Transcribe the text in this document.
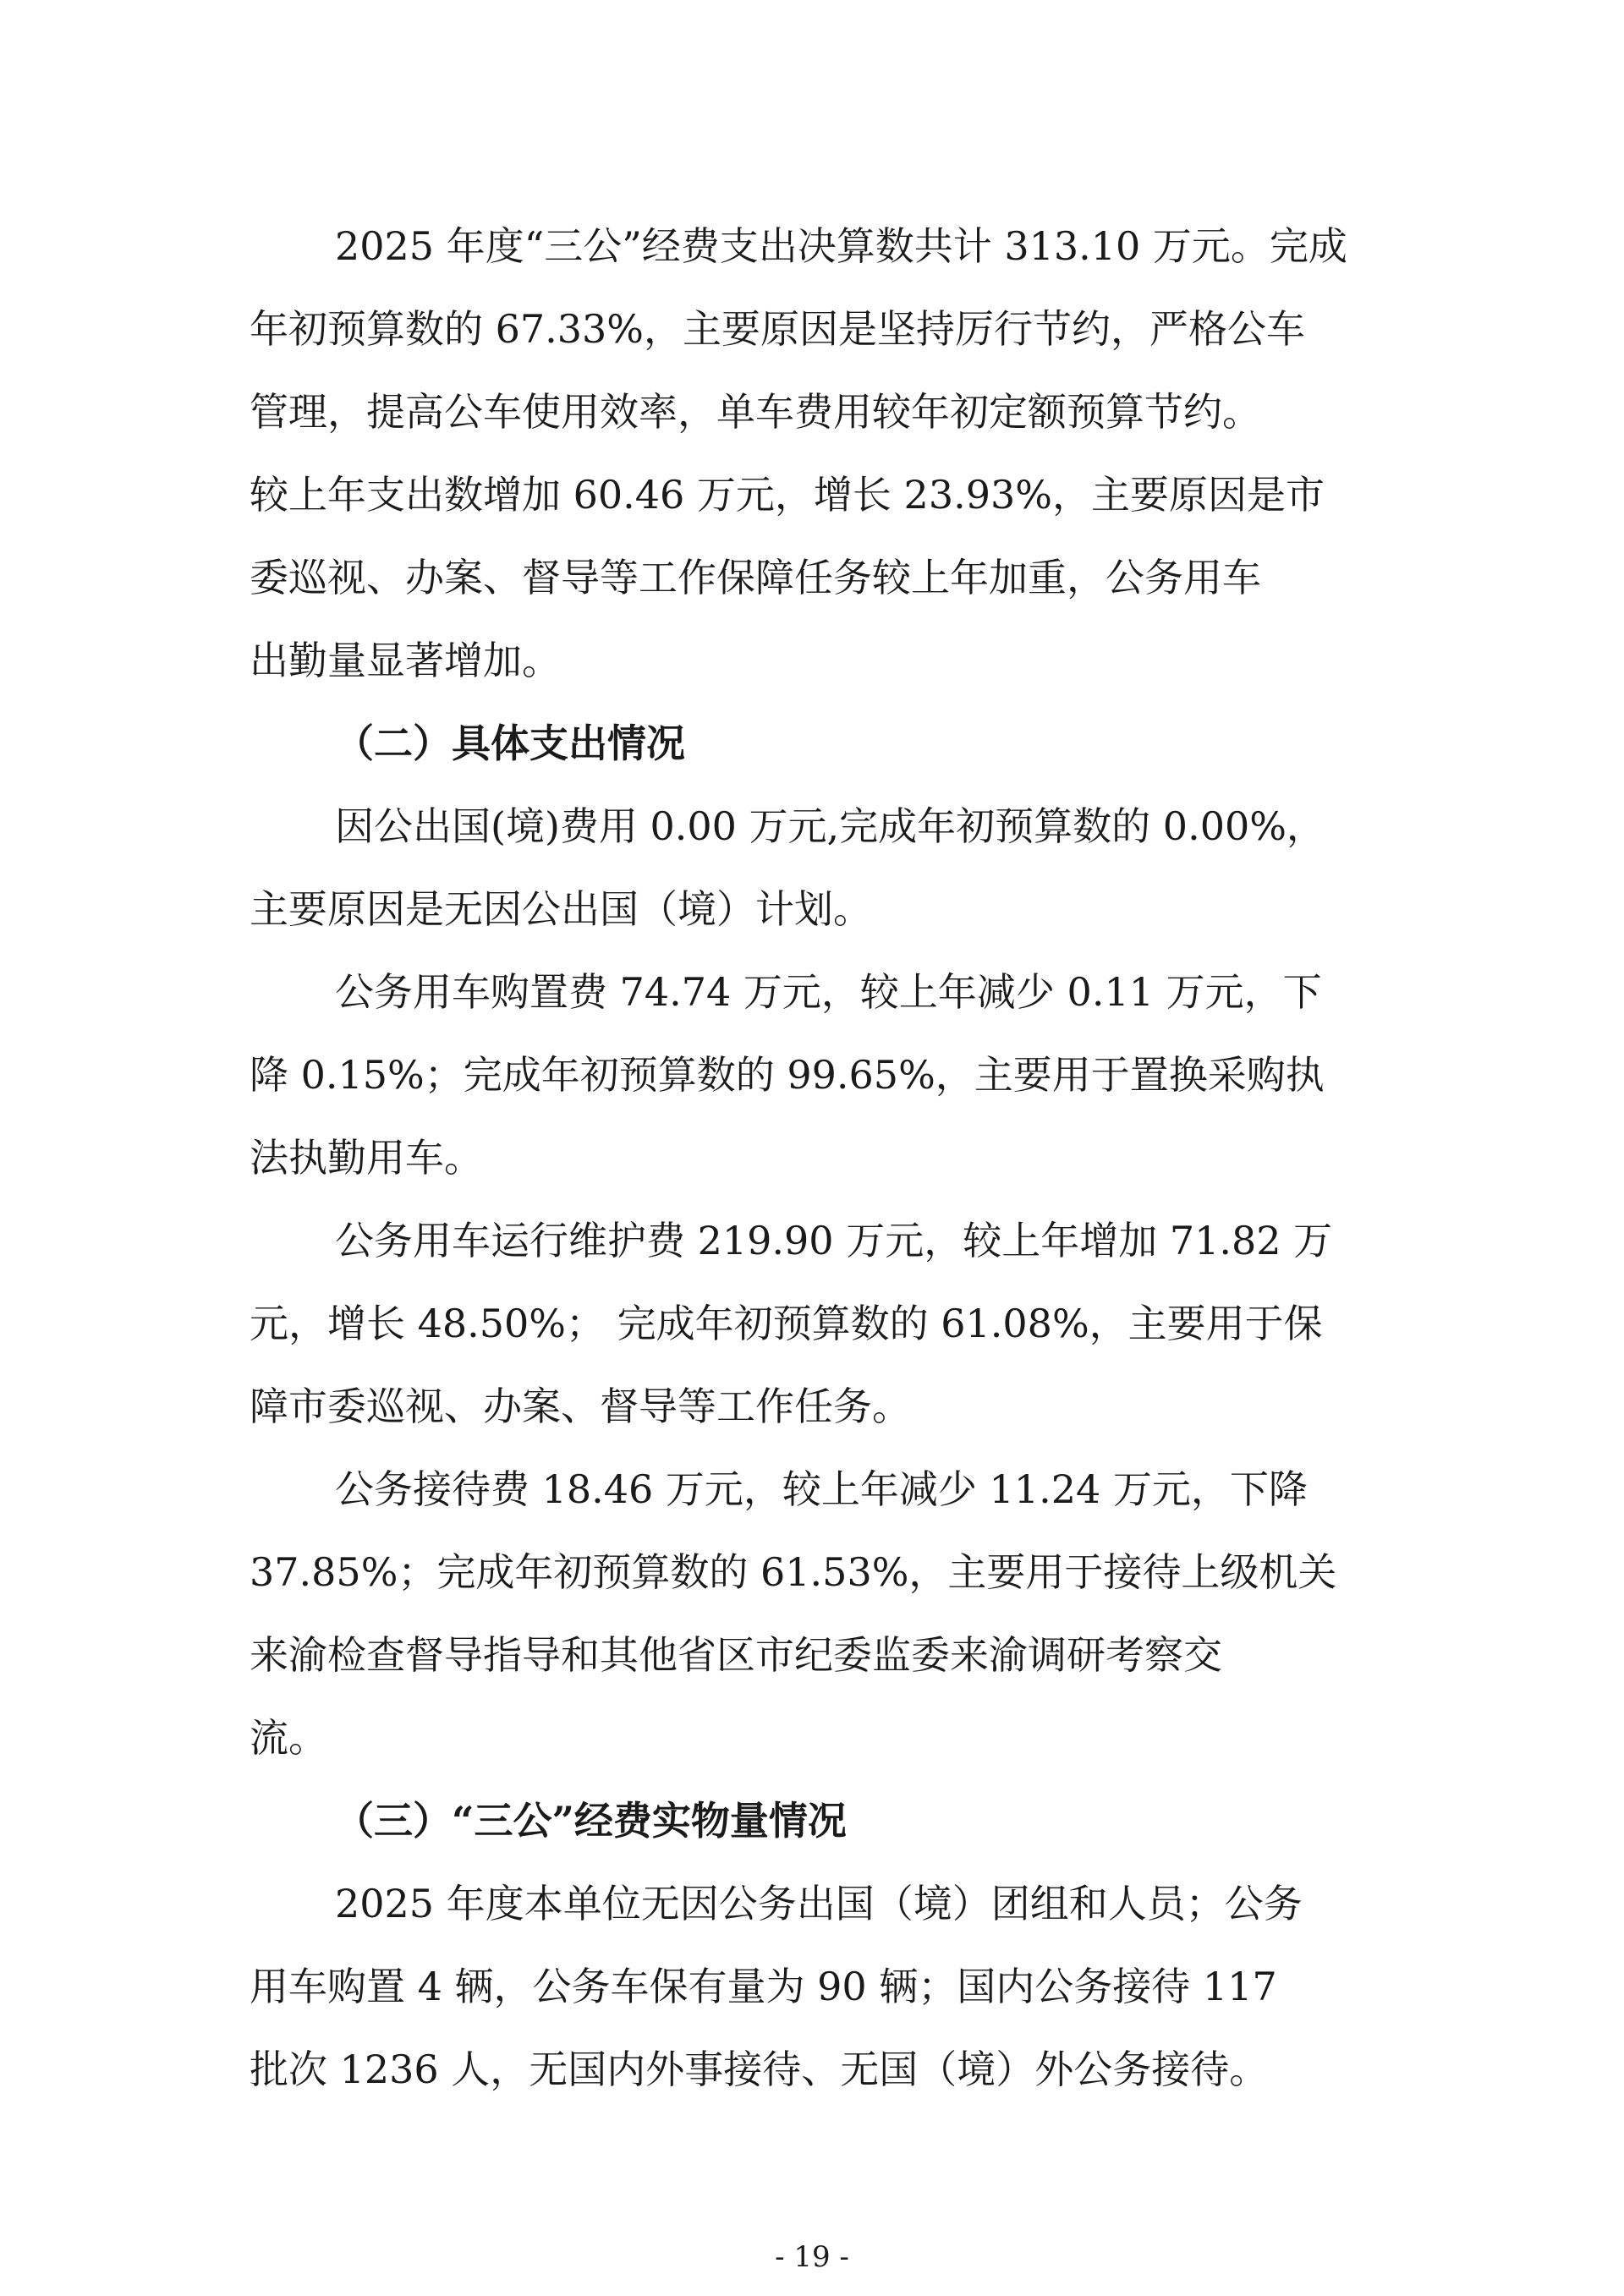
2025 年度“三公”经费支出决算数共计 313.10 万元。完成
年初预算数的 67.33%，主要原因是坚持厉行节约，严格公车
管理，提高公车使用效率，单车费用较年初定额预算节约。
较上年支出数增加 60.46 万元，增长 23.93%，主要原因是市
委巡视、办案、督导等工作保障任务较上年加重，公务用车
出勤量显著增加。
（二）具体支出情况
因公出国(境)费用 0.00 万元,完成年初预算数的 0.00%，
主要原因是无因公出国（境）计划。
公务用车购置费 74.74 万元，较上年减少 0.11 万元，下
降 0.15%；完成年初预算数的 99.65%，主要用于置换采购执
法执勤用车。
公务用车运行维护费 219.90 万元，较上年增加 71.82 万
元，增长 48.50%； 完成年初预算数的 61.08%，主要用于保
障市委巡视、办案、督导等工作任务。
公务接待费 18.46 万元，较上年减少 11.24 万元，下降
37.85%；完成年初预算数的 61.53%，主要用于接待上级机关
来渝检查督导指导和其他省区市纪委监委来渝调研考察交
流。
（三）“三公”经费实物量情况
2025 年度本单位无因公务出国（境）团组和人员；公务
用车购置 4 辆，公务车保有量为 90 辆；国内公务接待 117
批次 1236 人，无国内外事接待、无国（境）外公务接待。
- 19 -
